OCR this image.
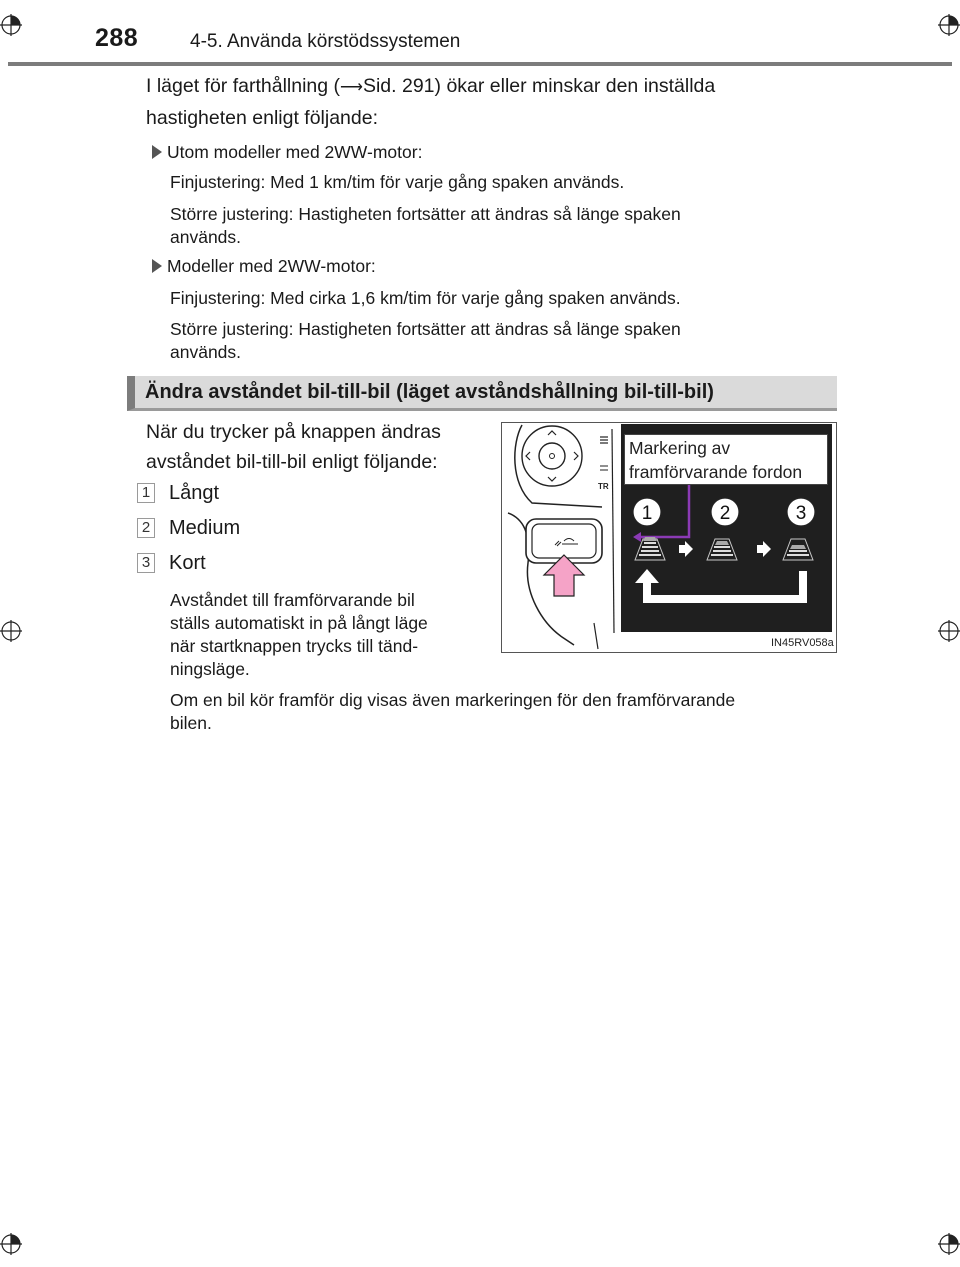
288	4-5. Använda körstödssystemen
I läget för farthållning (⟶Sid. 291) ökar eller minskar den inställda
hastigheten enligt följande:
Utom modeller med 2WW-motor:
Finjustering: Med 1 km/tim för varje gång spaken används.
Större justering: Hastigheten fortsätter att ändras så länge spaken
används.
Modeller med 2WW-motor:
Finjustering: Med cirka 1,6 km/tim för varje gång spaken används.
Större justering: Hastigheten fortsätter att ändras så länge spaken
används.
Ändra avståndet bil-till-bil (läget avståndshållning bil-till-bil)
När du trycker på knappen ändras
avståndet bil-till-bil enligt följande:
1 Långt
2 Medium
3 Kort
Avståndet till framförvarande bil
ställs automatiskt in på långt läge
när startknappen trycks till tänd-
ningsläge.
Om en bil kör framför dig visas även markeringen för den framförvarande
bilen.
TR
Markering av
framförvarande fordon
1	2	3
IN45RV058a
